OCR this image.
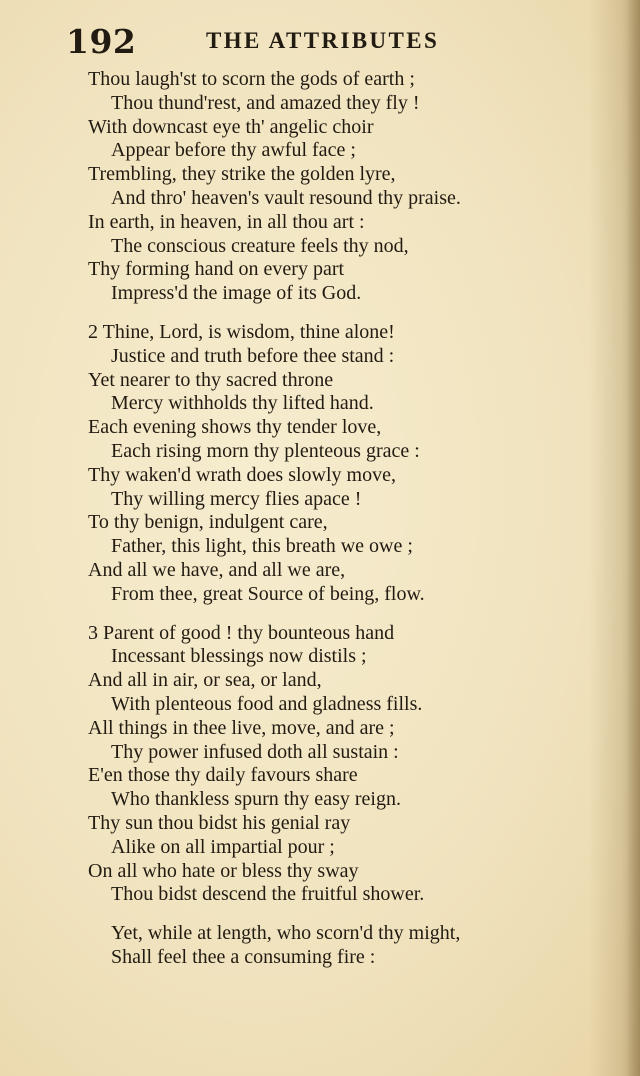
192	THE ATTRIBUTES
Thou laugh'st to scorn the gods of earth ;
Thou thund'rest, and amazed they fly !
With downcast eye th' angelic choir
Appear before thy awful face ;
Trembling, they strike the golden lyre,
And thro' heaven's vault resound thy praise.
In earth, in heaven, in all thou art :
The conscious creature feels thy nod,
Thy forming hand on every part
Impress'd the image of its God.
2 Thine, Lord, is wisdom, thine alone!
Justice and truth before thee stand :
Yet nearer to thy sacred throne
Mercy withholds thy lifted hand.
Each evening shows thy tender love,
Each rising morn thy plenteous grace :
Thy waken'd wrath does slowly move,
Thy willing mercy flies apace !
To thy benign, indulgent care,
Father, this light, this breath we owe ;
And all we have, and all we are,
From thee, great Source of being, flow.
3 Parent of good ! thy bounteous hand
Incessant blessings now distils ;
And all in air, or sea, or land,
With plenteous food and gladness fills.
All things in thee live, move, and are ;
Thy power infused doth all sustain :
E'en those thy daily favours share
Who thankless spurn thy easy reign.
Thy sun thou bidst his genial ray
Alike on all impartial pour ;
On all who hate or bless thy sway
Thou bidst descend the fruitful shower.
Yet, while at length, who scorn'd thy might,
Shall feel thee a consuming fire :
